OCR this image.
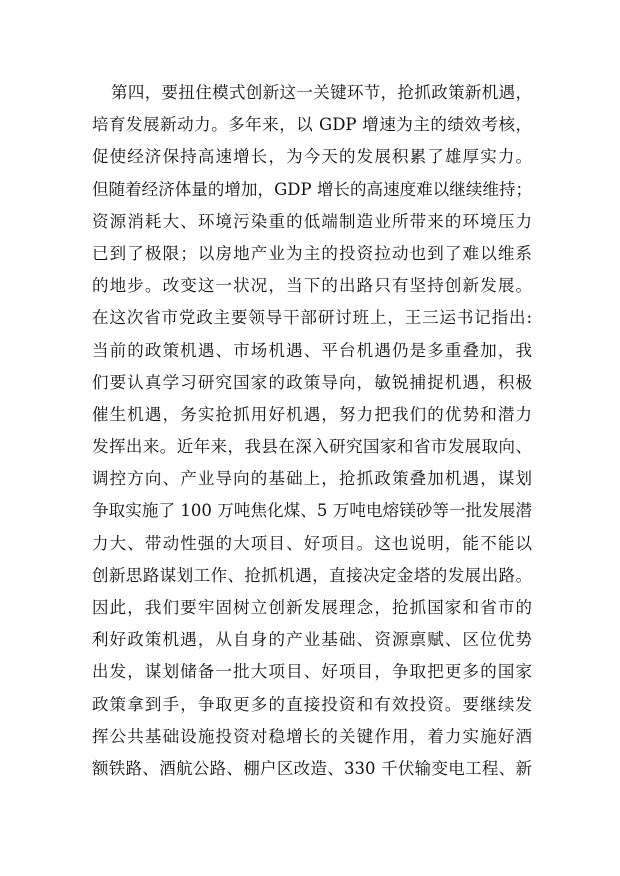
第四，要扭住模式创新这一关键环节，抢抓政策新机遇，
培育发展新动力。多年来，以 GDP 增速为主的绩效考核，
促使经济保持高速增长，为今天的发展积累了雄厚实力。
但随着经济体量的增加，GDP 增长的高速度难以继续维持；
资源消耗大、环境污染重的低端制造业所带来的环境压力
已到了极限；以房地产业为主的投资拉动也到了难以维系
的地步。改变这一状况，当下的出路只有坚持创新发展。
在这次省市党政主要领导干部研讨班上，王三运书记指出:
当前的政策机遇、市场机遇、平台机遇仍是多重叠加，我
们要认真学习研究国家的政策导向，敏锐捕捉机遇，积极
催生机遇，务实抢抓用好机遇，努力把我们的优势和潜力
发挥出来。近年来，我县在深入研究国家和省市发展取向、
调控方向、产业导向的基础上，抢抓政策叠加机遇，谋划
争取实施了 100 万吨焦化煤、5 万吨电熔镁砂等一批发展潜
力大、带动性强的大项目、好项目。这也说明，能不能以
创新思路谋划工作、抢抓机遇，直接决定金塔的发展出路。
因此，我们要牢固树立创新发展理念，抢抓国家和省市的
利好政策机遇，从自身的产业基础、资源禀赋、区位优势
出发，谋划储备一批大项目、好项目，争取把更多的国家
政策拿到手，争取更多的直接投资和有效投资。要继续发
挥公共基础设施投资对稳增长的关键作用，着力实施好酒
额铁路、酒航公路、棚户区改造、330 千伏输变电工程、新
